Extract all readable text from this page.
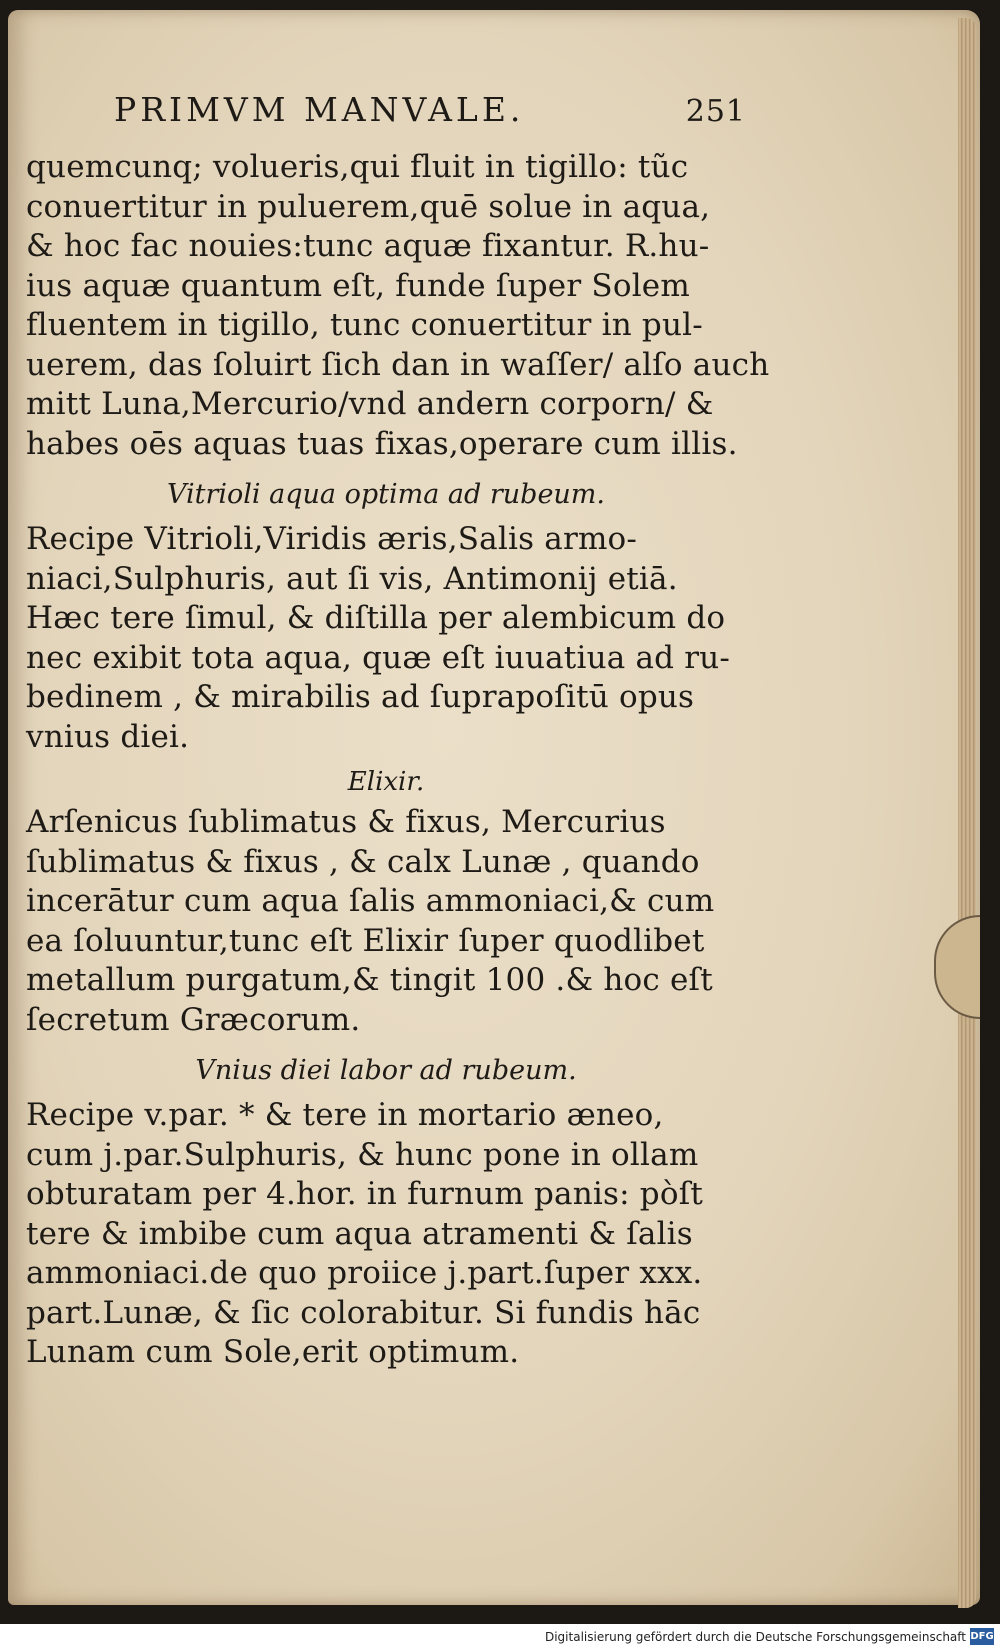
PRIMVM MANVALE.	251
quemcunq; volueris,qui fluit in tigillo: tũc
conuertitur in puluerem,quē solue in aqua,
& hoc fac nouies:tunc aquæ fixantur. R.hu-
ius aquæ quantum eſt, funde ſuper Solem
fluentem in tigillo, tunc conuertitur in pul-
uerem, das ſoluirt ſich dan in waſſer/ alſo auch
mitt Luna,Mercurio/vnd andern corporn/ &
habes oēs aquas tuas fixas,operare cum illis.
Vitrioli aqua optima ad rubeum.
Recipe Vitrioli,Viridis æris,Salis armo-
niaci,Sulphuris, aut ſi vis, Antimonij etiā.
Hæc tere ſimul, & diſtilla per alembicum do
nec exibit tota aqua, quæ eſt iuuatiua ad ru-
bedinem , & mirabilis ad ſuprapoſitū opus
vnius diei.
Elixir.
Arſenicus ſublimatus & fixus, Mercurius
ſublimatus & fixus , & calx Lunæ , quando
incerātur cum aqua ſalis ammoniaci,& cum
ea ſoluuntur,tunc eſt Elixir ſuper quodlibet
metallum purgatum,& tingit 100 .& hoc eſt
ſecretum Græcorum.
Vnius diei labor ad rubeum.
Recipe v.par. * & tere in mortario æneo,
cum j.par.Sulphuris, & hunc pone in ollam
obturatam per 4.hor. in furnum panis: pòſt
tere & imbibe cum aqua atramenti & ſalis
ammoniaci.de quo proiice j.part.ſuper xxx.
part.Lunæ, & ſic colorabitur. Si fundis hāc
Lunam cum Sole,erit optimum.
Digitalisierung gefördert durch die Deutsche Forschungsgemeinschaft DFG
